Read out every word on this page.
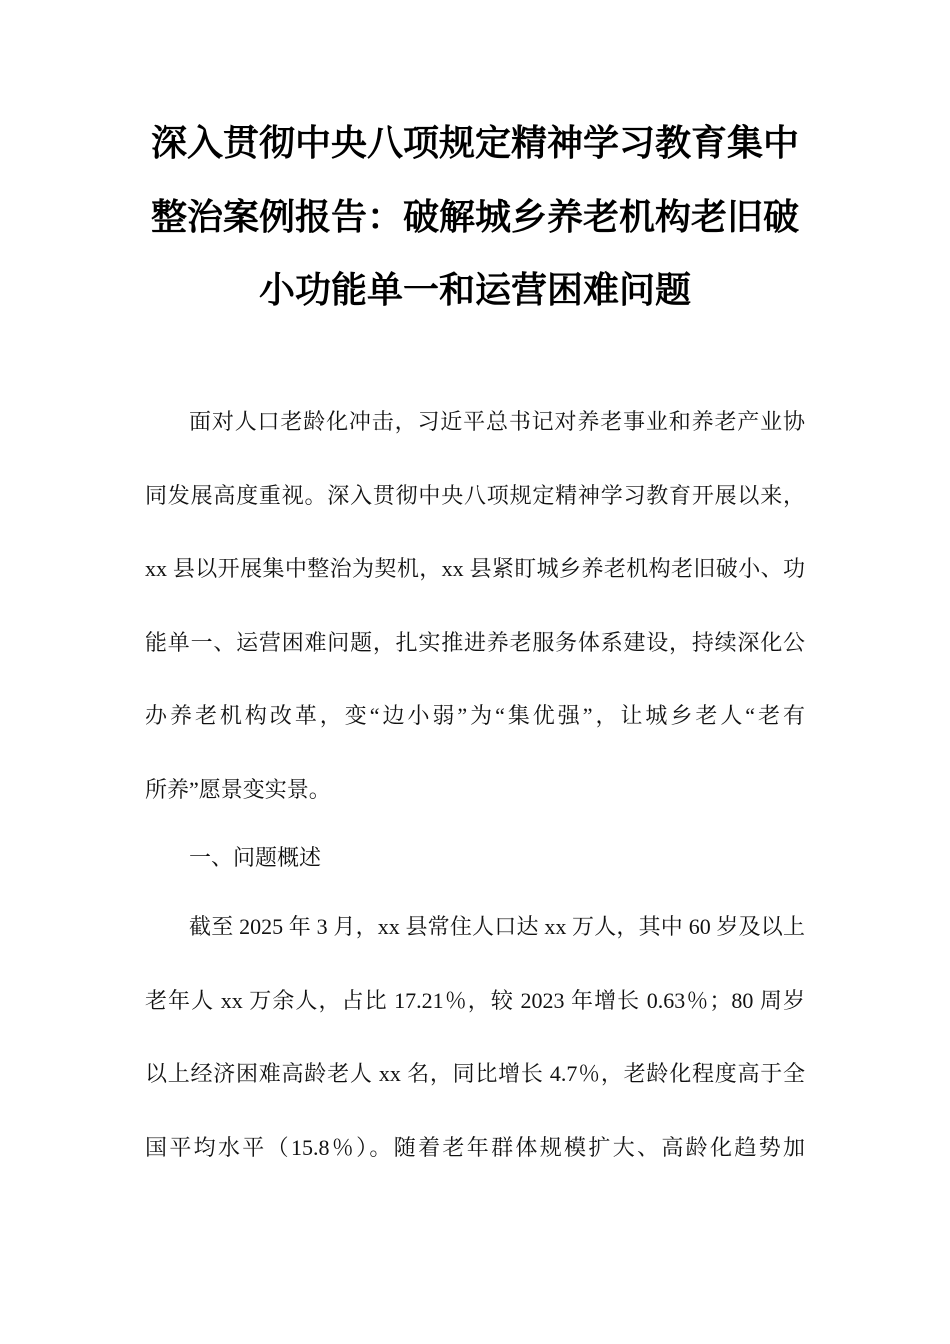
深入贯彻中央八项规定精神学习教育集中
整治案例报告：破解城乡养老机构老旧破
小功能单一和运营困难问题
面对人口老龄化冲击，习近平总书记对养老事业和养老产业协
同发展高度重视。深入贯彻中央八项规定精神学习教育开展以来，
xx 县以开展集中整治为契机，xx 县紧盯城乡养老机构老旧破小、功
能单一、运营困难问题，扎实推进养老服务体系建设，持续深化公
办养老机构改革，变“边小弱”为“集优强”，让城乡老人“老有
所养”愿景变实景。
一、问题概述
截至 2025 年 3 月，xx 县常住人口达 xx 万人，其中 60 岁及以上
老年人 xx 万余人，占比 17.21％，较 2023 年增长 0.63％；80 周岁
以上经济困难高龄老人 xx 名，同比增长 4.7％，老龄化程度高于全
国平均水平（15.8％）。随着老年群体规模扩大、高龄化趋势加
